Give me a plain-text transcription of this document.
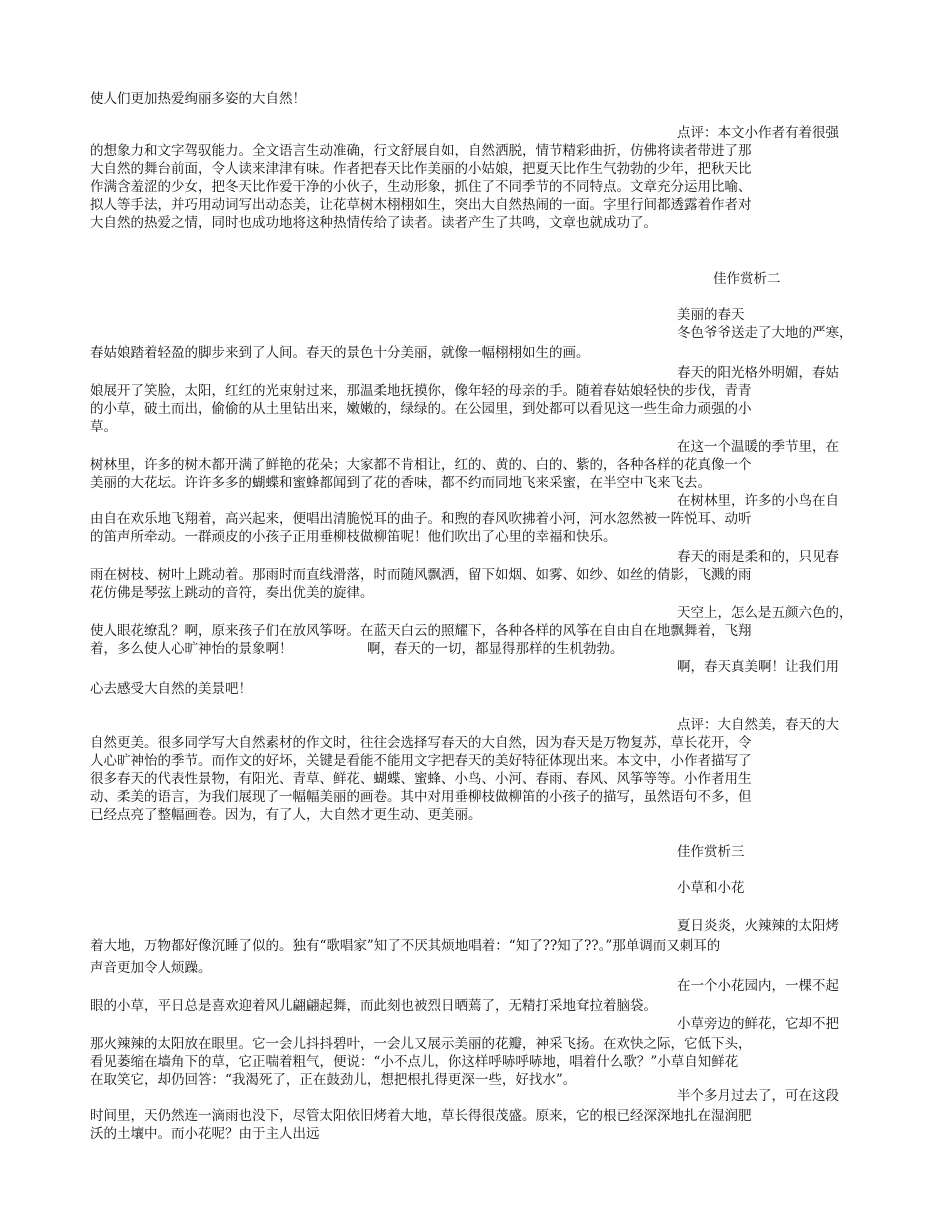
使人们更加热爱绚丽多姿的大自然！

点评：本文小作者有着很强

的想象力和文字驾驭能力。全文语言生动准确，行文舒展自如，自然洒脱，情节精彩曲折，仿佛将读者带进了那

大自然的舞台前面，令人读来津津有味。作者把春天比作美丽的小姑娘，把夏天比作生气勃勃的少年，把秋天比

作满含羞涩的少女，把冬天比作爱干净的小伙子，生动形象，抓住了不同季节的不同特点。文章充分运用比喻、

拟人等手法，并巧用动词写出动态美，让花草树木栩栩如生，突出大自然热闹的一面。字里行间都透露着作者对

大自然的热爱之情，同时也成功地将这种热情传给了读者。读者产生了共鸣，文章也就成功了。

佳作赏析二

美丽的春天

冬色爷爷送走了大地的严寒，

春姑娘踏着轻盈的脚步来到了人间。春天的景色十分美丽，就像一幅栩栩如生的画。

春天的阳光格外明媚，春姑

娘展开了笑脸，太阳，红红的光束射过来，那温柔地抚摸你，像年轻的母亲的手。随着春姑娘轻快的步伐，青青

的小草，破土而出，偷偷的从土里钻出来，嫩嫩的，绿绿的。在公园里，到处都可以看见这一些生命力顽强的小

草。

在这一个温暖的季节里，在

树林里，许多的树木都开满了鲜艳的花朵；大家都不肯相让，红的、黄的、白的、紫的，各种各样的花真像一个

美丽的大花坛。许许多多的蝴蝶和蜜蜂都闻到了花的香味，都不约而同地飞来采蜜，在半空中飞来飞去。

在树林里，许多的小鸟在自

由自在欢乐地飞翔着，高兴起来，便唱出清脆悦耳的曲子。和煦的春风吹拂着小河，河水忽然被一阵悦耳、动听

的笛声所牵动。一群顽皮的小孩子正用垂柳枝做柳笛呢！他们吹出了心里的幸福和快乐。

春天的雨是柔和的，只见春

雨在树枝、树叶上跳动着。那雨时而直线滑落，时而随风飘洒，留下如烟、如雾、如纱、如丝的倩影，飞溅的雨

花仿佛是琴弦上跳动的音符，奏出优美的旋律。

天空上，怎么是五颜六色的，

使人眼花缭乱？啊，原来孩子们在放风筝呀。在蓝天白云的照耀下，各种各样的风筝在自由自在地飘舞着，飞翔

着，多么使人心旷神怡的景象啊！	啊，春天的一切，都显得那样的生机勃勃。

啊，春天真美啊！让我们用

心去感受大自然的美景吧！

点评：大自然美，春天的大

自然更美。很多同学写大自然素材的作文时，往往会选择写春天的大自然，因为春天是万物复苏，草长花开，令

人心旷神怡的季节。而作文的好坏，关键是看能不能用文字把春天的美好特征体现出来。本文中，小作者描写了

很多春天的代表性景物，有阳光、青草、鲜花、蝴蝶、蜜蜂、小鸟、小河、春雨、春风、风筝等等。小作者用生

动、柔美的语言，为我们展现了一幅幅美丽的画卷。其中对用垂柳枝做柳笛的小孩子的描写，虽然语句不多，但

已经点亮了整幅画卷。因为，有了人，大自然才更生动、更美丽。

佳作赏析三

小草和小花

夏日炎炎，火辣辣的太阳烤

着大地，万物都好像沉睡了似的。独有“歌唱家”知了不厌其烦地唱着：“知了??知了??。”那单调而又刺耳的

声音更加令人烦躁。

在一个小花园内，一棵不起

眼的小草，平日总是喜欢迎着风儿翩翩起舞，而此刻也被烈日晒蔫了，无精打采地耷拉着脑袋。

小草旁边的鲜花，它却不把

那火辣辣的太阳放在眼里。它一会儿抖抖碧叶，一会儿又展示美丽的花瓣，神采飞扬。在欢快之际，它低下头，

看见萎缩在墙角下的草，它正喘着粗气，便说：“小不点儿，你这样呼哧呼哧地，唱着什么歌？”小草自知鲜花

在取笑它，却仍回答：“我渴死了，正在鼓劲儿，想把根扎得更深一些，好找水”。

半个多月过去了，可在这段

时间里，天仍然连一滴雨也没下，尽管太阳依旧烤着大地，草长得很茂盛。原来，它的根已经深深地扎在湿润肥

沃的土壤中。而小花呢？由于主人出远
